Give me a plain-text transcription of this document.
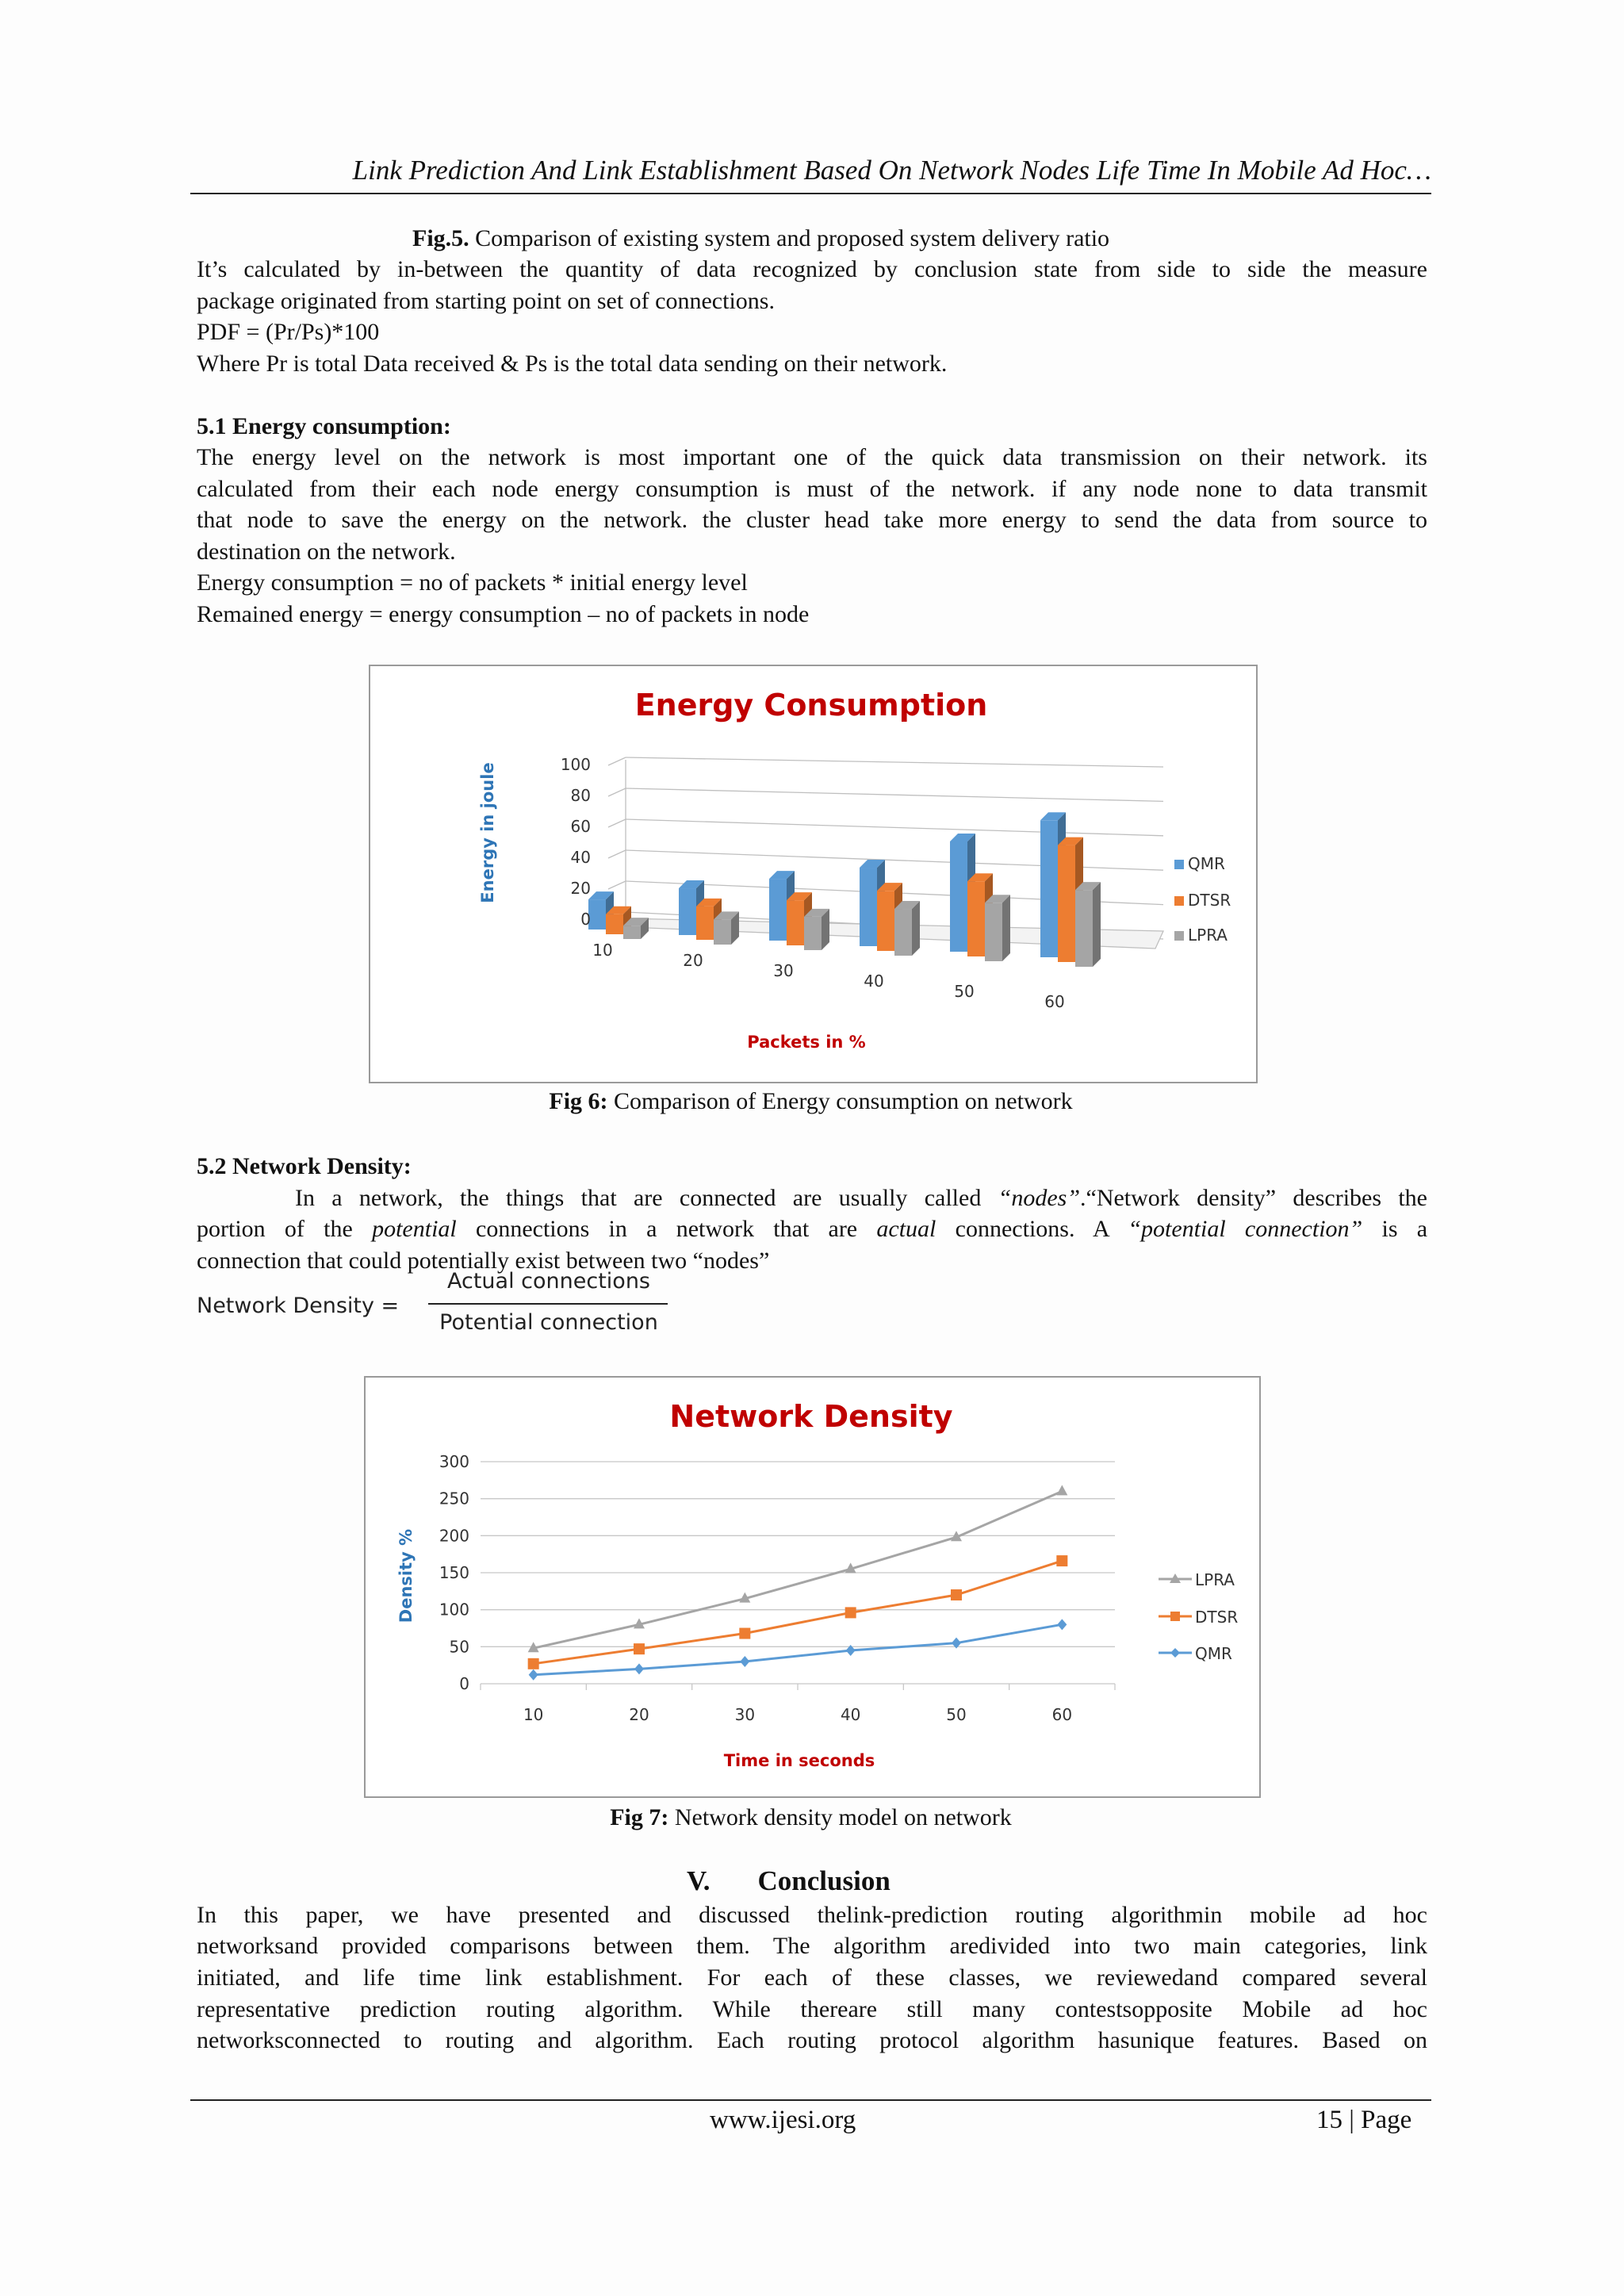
Link Prediction And Link Establishment Based On Network Nodes Life Time In Mobile Ad Hoc…

Fig.5. Comparison of existing system and proposed system delivery ratio

It’s calculated by in-between the quantity of data recognized by conclusion state from side to side the measure

package originated from starting point on set of connections.

PDF = (Pr/Ps)*100

Where Pr is total Data received & Ps is the total data sending on their network.

5.1 Energy consumption:

The energy level on the network is most important one of the quick data transmission on their network. its

calculated from their each node energy consumption is must of the network. if any node none to data transmit

that node to save the energy on the network. the cluster head take more energy to send the data from source to

destination on the network.

Energy consumption = no of packets * initial energy level

Remained energy = energy consumption – no of packets in node

0
20
40
60
80
100
10
20
30
40
50
60
Energy Consumption
Energy in joule
Packets in %
QMR
DTSR
LPRA

Fig 6: Comparison of Energy consumption on network

5.2 Network Density:

In a network, the things that are connected are usually called “nodes”.“Network density” describes the

portion of the potential connections in a network that are actual connections. A “potential connection” is a

connection that could potentially exist between two “nodes”

Network Density =
Actual connections
Potential connection
0
50
100
150
200
250
300
10	20	30	40	50	60
Network Density
Density %
Time in seconds
LPRA
DTSR
QMR

Fig 7: Network density model on network

V. Conclusion

In this paper, we have presented and discussed thelink-prediction routing algorithmin mobile ad hoc

networksand provided comparisons between them. The algorithm aredivided into two main categories, link

initiated, and life time link establishment. For each of these classes, we reviewedand compared several

representative prediction routing algorithm. While thereare still many contestsopposite Mobile ad hoc

networksconnected to routing and algorithm. Each routing protocol algorithm hasunique features. Based on

www.ijesi.org	15 | Page
